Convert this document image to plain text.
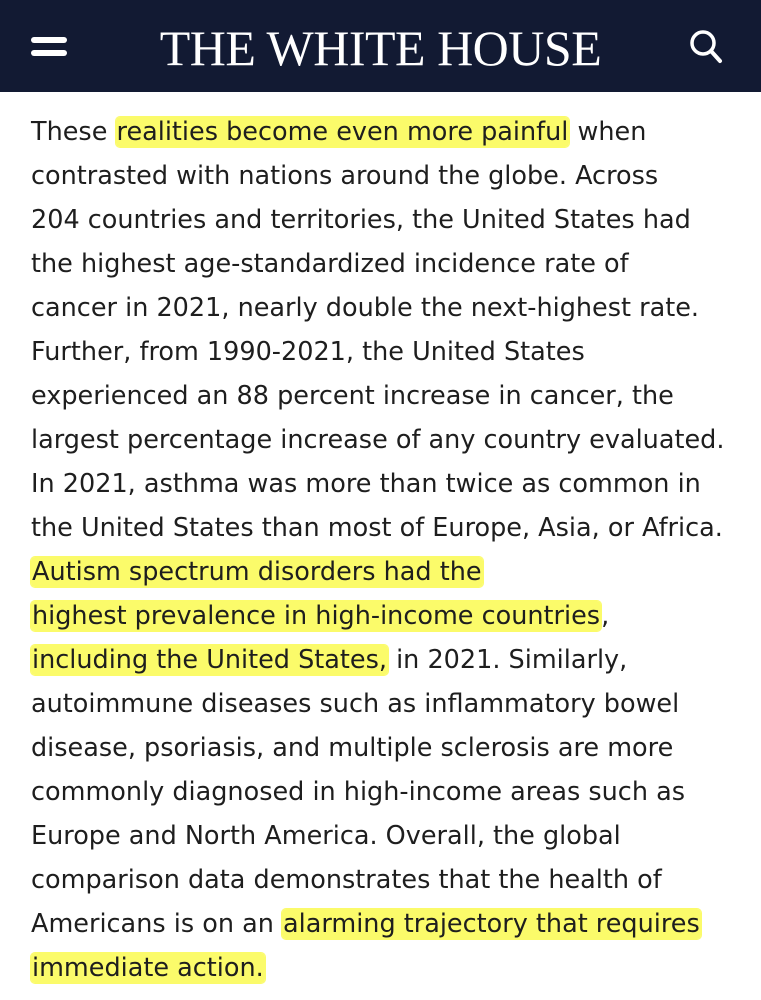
THE WHITE HOUSE
These realities become even more painful when
contrasted with nations around the globe. Across
204 countries and territories, the United States had
the highest age-standardized incidence rate of
cancer in 2021, nearly double the next-highest rate.
Further, from 1990-2021, the United States
experienced an 88 percent increase in cancer, the
largest percentage increase of any country evaluated.
In 2021, asthma was more than twice as common in
the United States than most of Europe, Asia, or Africa.
Autism spectrum disorders had the
highest prevalence in high-income countries,
including the United States, in 2021. Similarly,
autoimmune diseases such as inflammatory bowel
disease, psoriasis, and multiple sclerosis are more
commonly diagnosed in high-income areas such as
Europe and North America. Overall, the global
comparison data demonstrates that the health of
Americans is on an alarming trajectory that requires
immediate action.
